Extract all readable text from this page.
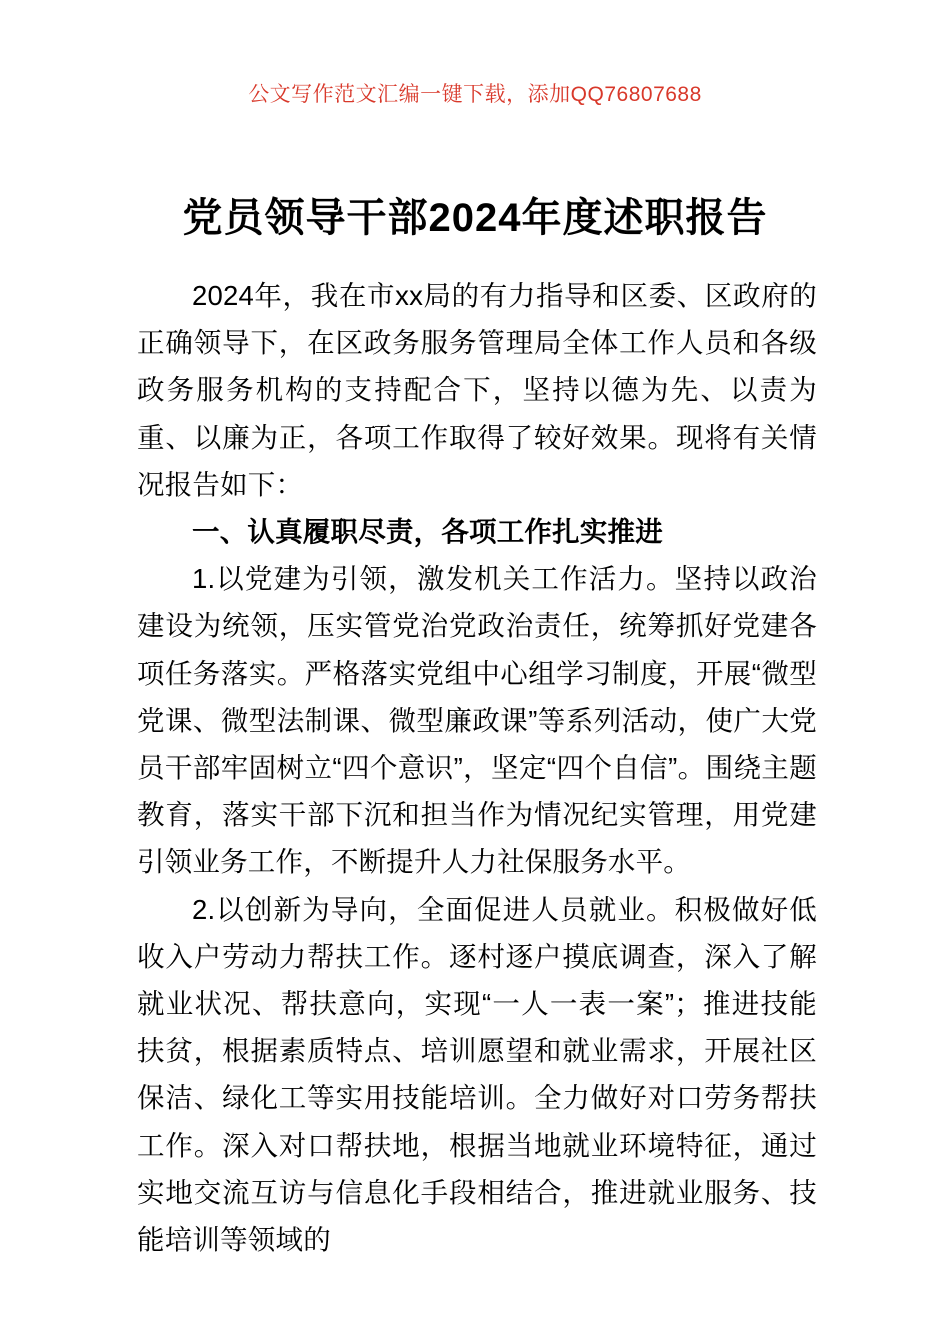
公文写作范文汇编一键下载，添加QQ76807688
党员领导干部2024年度述职报告

2024年，我在市xx局的有力指导和区委、区政府的正确领导下，在区政务服务管理局全体工作人员和各级政务服务机构的支持配合下，坚持以德为先、以责为重、以廉为正，各项工作取得了较好效果。现将有关情况报告如下：

一、认真履职尽责，各项工作扎实推进

1.以党建为引领，激发机关工作活力。坚持以政治建设为统领，压实管党治党政治责任，统筹抓好党建各项任务落实。严格落实党组中心组学习制度，开展“微型党课、微型法制课、微型廉政课”等系列活动，使广大党员干部牢固树立“四个意识”，坚定“四个自信”。围绕主题教育，落实干部下沉和担当作为情况纪实管理，用党建引领业务工作，不断提升人力社保服务水平。

2.以创新为导向，全面促进人员就业。积极做好低收入户劳动力帮扶工作。逐村逐户摸底调查，深入了解就业状况、帮扶意向，实现“一人一表一案”；推进技能扶贫，根据素质特点、培训愿望和就业需求，开展社区保洁、绿化工等实用技能培训。全力做好对口劳务帮扶工作。深入对口帮扶地，根据当地就业环境特征，通过实地交流互访与信息化手段相结合，推进就业服务、技能培训等领域的
